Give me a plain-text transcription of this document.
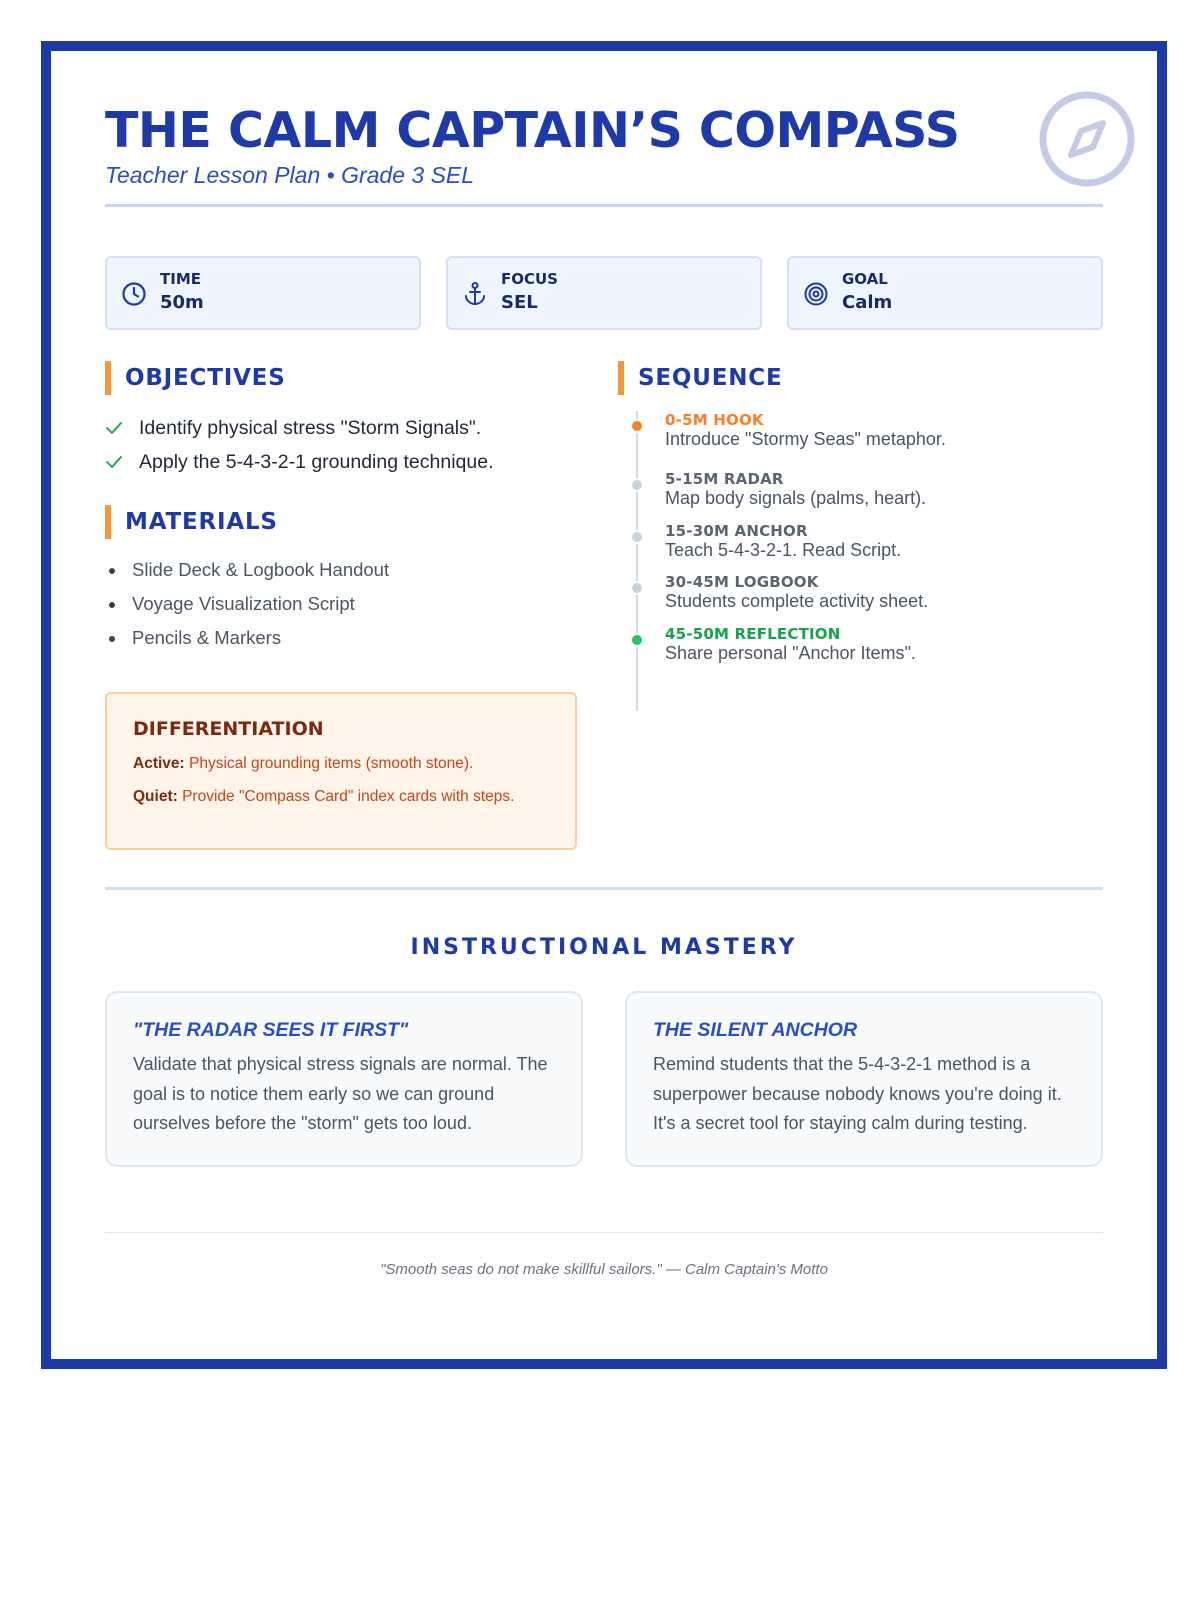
THE CALM CAPTAIN’S COMPASS
Teacher Lesson Plan • Grade 3 SEL
TIME
50m
FOCUS
SEL
GOAL
Calm
OBJECTIVES
Identify physical stress "Storm Signals".
Apply the 5-4-3-2-1 grounding technique.
MATERIALS
Slide Deck & Logbook Handout
Voyage Visualization Script
Pencils & Markers
DIFFERENTIATION

Active: Physical grounding items (smooth stone).

Quiet: Provide "Compass Card" index cards with steps.

SEQUENCE
0-5M HOOK
Introduce "Stormy Seas" metaphor.
5-15M RADAR
Map body signals (palms, heart).
15-30M ANCHOR
Teach 5-4-3-2-1. Read Script.
30-45M LOGBOOK
Students complete activity sheet.
45-50M REFLECTION
Share personal "Anchor Items".
INSTRUCTIONAL MASTERY
"THE RADAR SEES IT FIRST"
Validate that physical stress signals are normal. The goal is to notice them early so we can ground ourselves before the "storm" gets too loud.
THE SILENT ANCHOR
Remind students that the 5-4-3-2-1 method is a superpower because nobody knows you're doing it. It's a secret tool for staying calm during testing.
"Smooth seas do not make skillful sailors." — Calm Captain's Motto
